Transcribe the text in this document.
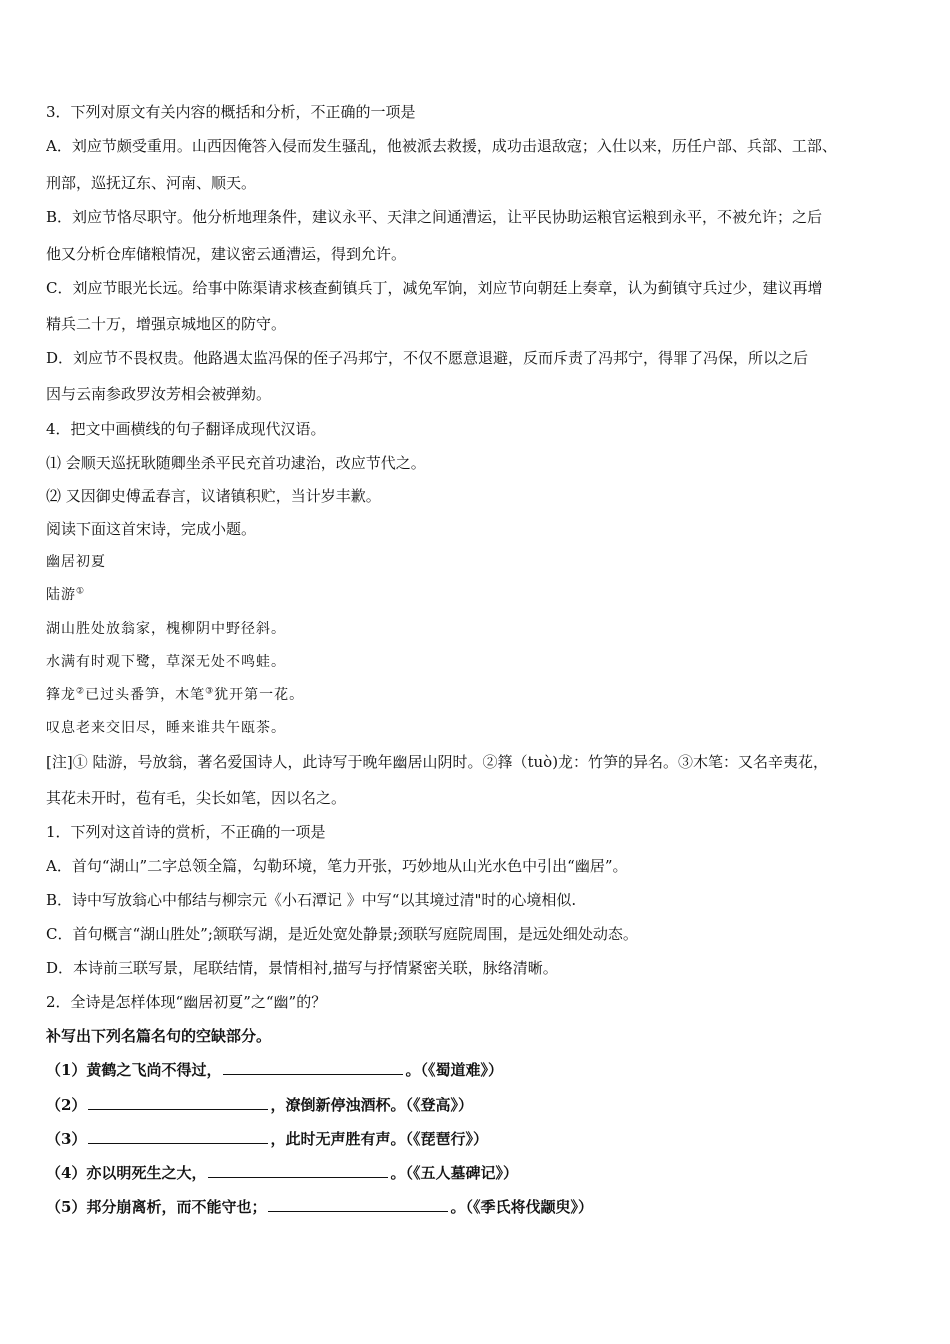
3．下列对原文有关内容的概括和分析，不正确的一项是
A．刘应节颇受重用。山西因俺答入侵而发生骚乱，他被派去救援，成功击退敌寇；入仕以来，历任户部、兵部、工部、
刑部，巡抚辽东、河南、顺天。
B．刘应节恪尽职守。他分析地理条件，建议永平、天津之间通漕运，让平民协助运粮官运粮到永平，不被允许；之后
他又分析仓库储粮情况，建议密云通漕运，得到允许。
C．刘应节眼光长远。给事中陈渠请求核查蓟镇兵丁，减免军饷，刘应节向朝廷上奏章，认为蓟镇守兵过少，建议再增
精兵二十万，增强京城地区的防守。
D．刘应节不畏权贵。他路遇太监冯保的侄子冯邦宁，不仅不愿意退避，反而斥责了冯邦宁，得罪了冯保，所以之后
因与云南参政罗汝芳相会被弹劾。
4．把文中画横线的句子翻译成现代汉语。
⑴ 会顺天巡抚耿随卿坐杀平民充首功逮治，改应节代之。
⑵ 又因御史傅孟春言，议诸镇积贮，当计岁丰歉。
阅读下面这首宋诗，完成小题。
幽居初夏
陆游①
湖山胜处放翁家，槐柳阴中野径斜。
水满有时观下鹭，草深无处不鸣蛙。
箨龙②已过头番笋，木笔③犹开第一花。
叹息老来交旧尽，睡来谁共午瓯茶。
[注]① 陆游，号放翁，著名爱国诗人，此诗写于晚年幽居山阴时。②箨（tuò)龙：竹笋的异名。③木笔：又名辛夷花，
其花未开时，苞有毛，尖长如笔，因以名之。
1．下列对这首诗的赏析，不正确的一项是
A．首句“湖山”二字总领全篇，勾勒环境，笔力开张，巧妙地从山光水色中引出“幽居”。
B．诗中写放翁心中郁结与柳宗元《小石潭记 》中写“以其境过清"时的心境相似.
C．首句概言“湖山胜处”;颔联写湖，是近处宽处静景;颈联写庭院周围，是远处细处动态。
D．本诗前三联写景，尾联结情，景情相衬,描写与抒情紧密关联，脉络清晰。
2．全诗是怎样体现“幽居初夏”之“幽”的？
补写出下列名篇名句的空缺部分。
（1）黄鹤之飞尚不得过，	。（《蜀道难》）
（2）	，潦倒新停浊酒杯。（《登高》）
（3）	，此时无声胜有声。（《琵琶行》）
（4）亦以明死生之大，	。（《五人墓碑记》）
（5）邦分崩离析，而不能守也；	。（《季氏将伐颛臾》）
